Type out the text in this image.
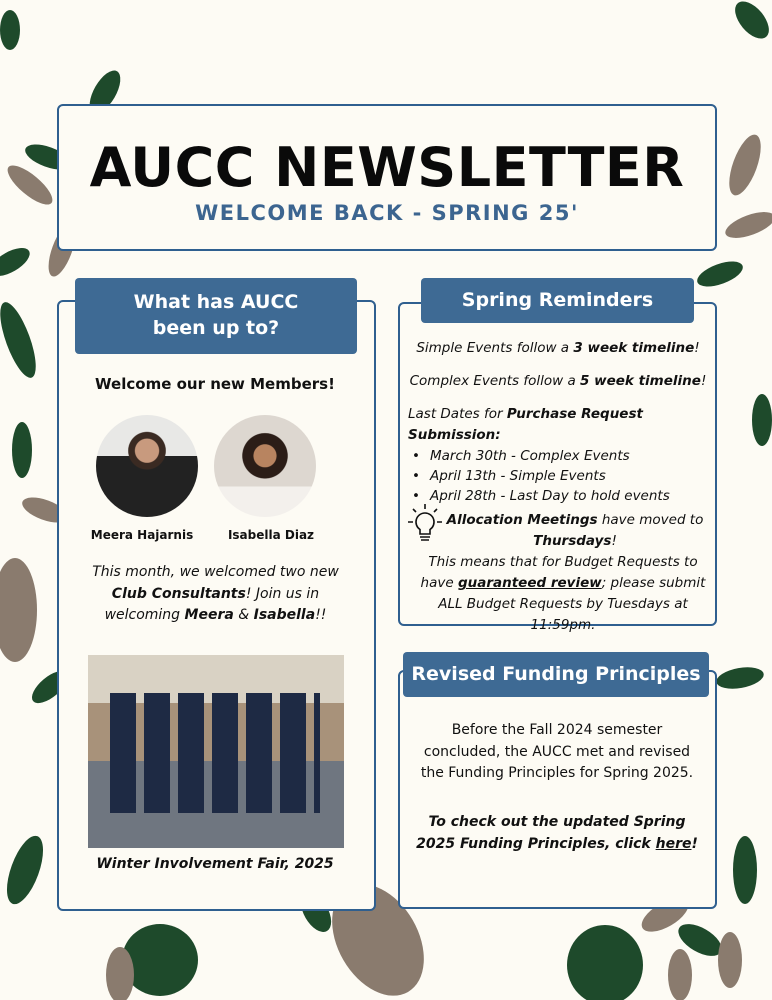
AUCC NEWSLETTER
WELCOME BACK - SPRING 25'
What has AUCC been up to?
Welcome our new Members!
Meera Hajarnis	Isabella Diaz

This month, we welcomed two new Club Consultants! Join us in welcoming Meera & Isabella!!

Winter Involvement Fair, 2025
Spring Reminders

Simple Events follow a 3 week timeline!

Complex Events follow a 5 week timeline!

Last Dates for Purchase Request Submission:

• March 30th - Complex Events
• April 13th - Simple Events
• April 28th - Last Day to hold events

Allocation Meetings have moved to
Thursdays!

This means that for Budget Requests to have guaranteed review; please submit ALL Budget Requests by Tuesdays at 11:59pm.

Revised Funding Principles

Before the Fall 2024 semester concluded, the AUCC met and revised the Funding Principles for Spring 2025.

To check out the updated Spring 2025 Funding Principles, click here!
